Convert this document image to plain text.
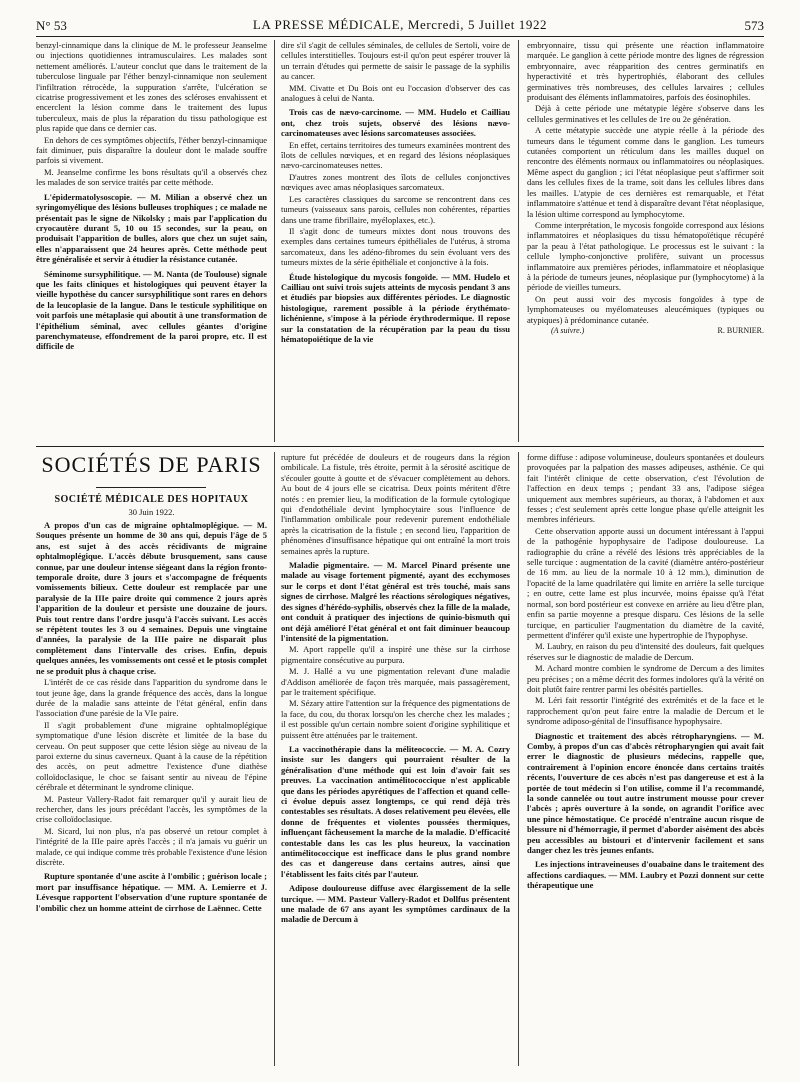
N° 53	LA PRESSE MÉDICALE, Mercredi, 5 Juillet 1922	573

benzyl-cinnamique dans la clinique de M. le professeur Jeanselme ou injections quotidiennes intramusculaires. Les malades sont nettement améliorés. L'auteur conclut que dans le traitement de la tuberculose linguale par l'éther benzyl-cinnamique non seulement l'infiltration rétrocède, la suppuration s'arrête, l'ulcération se cicatrise progressivement et les zones des scléroses envahissent et encerclent la lésion comme dans le traitement des lupus tuberculeux, mais de plus la réparation du tissu pathologique est plus rapide que dans ce dernier cas.

En dehors de ces symptômes objectifs, l'éther benzyl-cinnamique fait diminuer, puis disparaître la douleur dont le malade souffre parfois si vivement.

M. Jeanselme confirme les bons résultats qu'il a observés chez les malades de son service traités par cette méthode.

L'épidermatolysoscopie. — M. Milian a observé chez un syringomyélique des lésions bulleuses trophiques ; ce malade ne présentait pas le signe de Nikolsky ; mais par l'application du cryocautère durant 5, 10 ou 15 secondes, sur la peau, on produisait l'apparition de bulles, alors que chez un sujet sain, elles n'apparaissent que 24 heures après. Cette méthode peut être généralisée et servir à étudier la résistance cutanée.

Séminome sursyphilitique. — M. Nanta (de Toulouse) signale que les faits cliniques et histologiques qui peuvent étayer la vieille hypothèse du cancer sursyphilitique sont rares en dehors de la leucoplasie de la langue. Dans le testicule syphilitique on voit parfois une métaplasie qui aboutit à une transformation de l'épithélium séminal, avec cellules géantes d'origine parenchymateuse, effondrement de la paroi propre, etc. Il est difficile de

dire s'il s'agit de cellules séminales, de cellules de Sertoli, voire de cellules interstitielles. Toujours est-il qu'on peut espérer trouver là un terrain d'études qui permette de saisir le passage de la syphilis au cancer.

MM. Civatte et Du Bois ont eu l'occasion d'observer des cas analogues à celui de Nanta.

Trois cas de nævo-carcinome. — MM. Hudelo et Cailliau ont, chez trois sujets, observé des lésions nævo-carcinomateuses avec lésions sarcomateuses associées.

En effet, certains territoires des tumeurs examinées montrent des îlots de cellules nœviques, et en regard des lésions néoplasiques nævo-carcinomateuses nettes.

D'autres zones montrent des îlots de cellules conjonctives nœviques avec amas néoplasiques sarcomateux.

Les caractères classiques du sarcome se rencontrent dans ces tumeurs (vaisseaux sans parois, cellules non cohérentes, réparties dans une trame fibrillaire, myéloplaxes, etc.).

Il s'agit donc de tumeurs mixtes dont nous trouvons des exemples dans certaines tumeurs épithéliales de l'utérus, à stroma sarcomateux, dans les adéno-fibromes du sein évoluant vers des tumeurs mixtes de la série épithéliale et conjonctive à la fois.

Étude histologique du mycosis fongoïde. — MM. Hudelo et Cailliau ont suivi trois sujets atteints de mycosis pendant 3 ans et étudiés par biopsies aux différentes périodes. Le diagnostic histologique, rarement possible à la période érythémato-lichénienne, s'impose à la période érythrodermique. Il repose sur la constatation de la récupération par la peau du tissu hématopoïétique de la vie

embryonnaire, tissu qui présente une réaction inflammatoire marquée. Le ganglion à cette période montre des lignes de régression embryonnaire, avec réapparition des centres germinatifs en hyperactivité et très hypertrophiés, élaborant des cellules germinatives très nombreuses, des cellules larvaires ; cellules produisant des éléments inflammatoires, parfois des éosinophiles.

Déjà à cette période une métatypie légère s'observe dans les cellules germinatives et les cellules de 1re ou 2e génération.

A cette métatypie succède une atypie réelle à la période des tumeurs dans le tégument comme dans le ganglion. Les tumeurs cutanées comportent un réticulum dans les mailles duquel on rencontre des éléments normaux ou inflammatoires ou néoplasiques. Même aspect du ganglion ; ici l'état néoplasique peut s'affirmer soit dans les cellules fixes de la trame, soit dans les cellules libres dans les mailles. L'atypie de ces dernières est remarquable, et l'état inflammatoire s'atténue et tend à disparaître devant l'état néoplasique, la lésion ultime correspond au lymphocytome.

Comme interprétation, le mycosis fongoïde correspond aux lésions inflammatoires et néoplasiques du tissu hématopoïétique récupéré par la peau à l'état pathologique. Le processus est le suivant : la cellule lympho-conjonctive prolifère, suivant un processus inflammatoire aux premières périodes, inflammatoire et néoplasique à la période de tumeurs jeunes, néoplasique pur (lymphocytome) à la période de vieilles tumeurs.

On peut aussi voir des mycosis fongoïdes à type de lymphomateuses ou myélomateuses aleucémiques (typiques ou atypiques) à prédominance cutanée.

(A suivre.)	R. BURNIER.
SOCIÉTÉS DE PARIS
SOCIÉTÉ MÉDICALE DES HOPITAUX
30 Juin 1922.

A propos d'un cas de migraine ophtalmoplégique. — M. Souques présente un homme de 30 ans qui, depuis l'âge de 5 ans, est sujet à des accès récidivants de migraine ophtalmoplégique. L'accès débute brusquement, sans cause connue, par une douleur intense siégeant dans la région fronto-temporale droite, dure 3 jours et s'accompagne de fréquents vomissements bilieux. Cette douleur est remplacée par une paralysie de la IIIe paire droite qui commence 2 jours après l'apparition de la douleur et persiste une douzaine de jours. Puis tout rentre dans l'ordre jusqu'à l'accès suivant. Les accès se répètent toutes les 3 ou 4 semaines. Depuis une vingtaine d'années, la paralysie de la IIIe paire ne disparaît plus complètement dans l'intervalle des crises. Enfin, depuis quelques années, les vomissements ont cessé et le ptosis complet ne se produit plus à chaque crise.

L'intérêt de ce cas réside dans l'apparition du syndrome dans le tout jeune âge, dans la grande fréquence des accès, dans la longue durée de la maladie sans atteinte de l'état général, enfin dans l'association d'une parésie de la VIe paire.

Il s'agit probablement d'une migraine ophtalmoplégique symptomatique d'une lésion discrète et limitée de la base du cerveau. On peut supposer que cette lésion siège au niveau de la paroi externe du sinus caverneux. Quant à la cause de la répétition des accès, on peut admettre l'existence d'une diathèse colloïdoclasique, le choc se faisant sentir au niveau de l'épine cérébrale et déterminant le syndrome clinique.

M. Pasteur Vallery-Radot fait remarquer qu'il y aurait lieu de rechercher, dans les jours précédant l'accès, les symptômes de la crise colloïdoclasique.

M. Sicard, lui non plus, n'a pas observé un retour complet à l'intégrité de la IIIe paire après l'accès ; il n'a jamais vu guérir un malade, ce qui indique comme très probable l'existence d'une lésion discrète.

Rupture spontanée d'une ascite à l'ombilic ; guérison locale ; mort par insuffisance hépatique. — MM. A. Lemierre et J. Lévesque rapportent l'observation d'une rupture spontanée de l'ombilic chez un homme atteint de cirrhose de Laënnec. Cette

rupture fut précédée de douleurs et de rougeurs dans la région ombilicale. La fistule, très étroite, permit à la sérosité ascitique de s'écouler goutte à goutte et de s'évacuer complètement au dehors. Au bout de 4 jours elle se cicatrisa. Deux points méritent d'être notés : en premier lieu, la modification de la formule cytologique qui d'endothéliale devint lymphocytaire sous l'influence de l'inflammation ombilicale pour redevenir purement endothéliale après la cicatrisation de la fistule ; en second lieu, l'apparition de phénomènes d'insuffisance hépatique qui ont entraîné la mort trois semaines après la rupture.

Maladie pigmentaire. — M. Marcel Pinard présente une malade au visage fortement pigmenté, ayant des ecchymoses sur le corps et dont l'état général est très touché, mais sans signes de cirrhose. Malgré les réactions sérologiques négatives, des signes d'hérédo-syphilis, observés chez la fille de la malade, ont conduit à pratiquer des injections de quinio-bismuth qui ont déjà amélioré l'état général et ont fait diminuer beaucoup l'intensité de la pigmentation.

M. Aport rappelle qu'il a inspiré une thèse sur la cirrhose pigmentaire consécutive au purpura.

M. J. Hallé a vu une pigmentation relevant d'une maladie d'Addison améliorée de façon très marquée, mais passagèrement, par le traitement spécifique.

M. Sézary attire l'attention sur la fréquence des pigmentations de la face, du cou, du thorax lorsqu'on les cherche chez les malades ; il est possible qu'un certain nombre soient d'origine syphilitique et puissent être atténuées par le traitement.

La vaccinothérapie dans la méliteococcie. — M. A. Cozry insiste sur les dangers qui pourraient résulter de la généralisation d'une méthode qui est loin d'avoir fait ses preuves. La vaccination antimélitococcique n'est applicable que dans les périodes apyrétiques de l'affection et quand celle-ci évolue depuis assez longtemps, ce qui rend déjà très contestables ses résultats. A doses relativement peu élevées, elle donne de fréquentes et violentes poussées thermiques, influençant fâcheusement la marche de la maladie. D'efficacité contestable dans les cas les plus heureux, la vaccination antimélitococcique est inefficace dans le plus grand nombre des cas et dangereuse dans certains autres, ainsi que l'établissent les faits cités par l'auteur.

Adipose douloureuse diffuse avec élargissement de la selle turcique. — MM. Pasteur Vallery-Radot et Dollfus présentent une malade de 67 ans ayant les symptômes cardinaux de la maladie de Dercum à

forme diffuse : adipose volumineuse, douleurs spontanées et douleurs provoquées par la palpation des masses adipeuses, asthénie. Ce qui fait l'intérêt clinique de cette observation, c'est l'évolution de l'affection en deux temps ; pendant 33 ans, l'adipose siégea uniquement aux membres supérieurs, au thorax, à l'abdomen et aux fesses ; c'est seulement après cette longue phase qu'elle atteignit les membres inférieurs.

Cette observation apporte aussi un document intéressant à l'appui de la pathogénie hypophysaire de l'adipose douloureuse. La radiographie du crâne a révélé des lésions très appréciables de la selle turcique : augmentation de la cavité (diamètre antéro-postérieur de 16 mm. au lieu de la normale 10 à 12 mm.), diminution de l'opacité de la lame quadrilatère qui limite en arrière la selle turcique ; en outre, cette lame est plus incurvée, moins épaisse qu'à l'état normal, son bord postérieur est convexe en arrière au lieu d'être plan, enfin sa partie moyenne a presque disparu. Ces lésions de la selle turcique, en particulier l'augmentation du diamètre de la cavité, permettent d'inférer qu'il existe une hypertrophie de l'hypophyse.

M. Laubry, en raison du peu d'intensité des douleurs, fait quelques réserves sur le diagnostic de maladie de Dercum.

M. Achard montre combien le syndrome de Dercum a des limites peu précises ; on a même décrit des formes indolores qu'à la vérité on doit plutôt faire rentrer parmi les obésités partielles.

M. Léri fait ressortir l'intégrité des extrémités et de la face et le rapprochement qu'on peut faire entre la maladie de Dercum et le syndrome adiposo-génital de l'insuffisance hypophysaire.

Diagnostic et traitement des abcès rétropharyngiens. — M. Comby, à propos d'un cas d'abcès rétropharyngien qui avait fait errer le diagnostic de plusieurs médecins, rappelle que, contrairement à l'opinion encore énoncée dans certains traités récents, l'ouverture de ces abcès n'est pas dangereuse et est à la portée de tout médecin si l'on utilise, comme il l'a recommandé, la sonde cannelée ou tout autre instrument mousse pour crever l'abcès ; après ouverture à la sonde, on agrandit l'orifice avec une pince hémostatique. Ce procédé n'entraîne aucun risque de blessure ni d'hémorragie, il permet d'aborder aisément des abcès peu accessibles au bistouri et d'intervenir facilement et sans danger chez les très jeunes enfants.

Les injections intraveineuses d'ouabaïne dans le traitement des affections cardiaques. — MM. Laubry et Pozzi donnent sur cette thérapeutique une
